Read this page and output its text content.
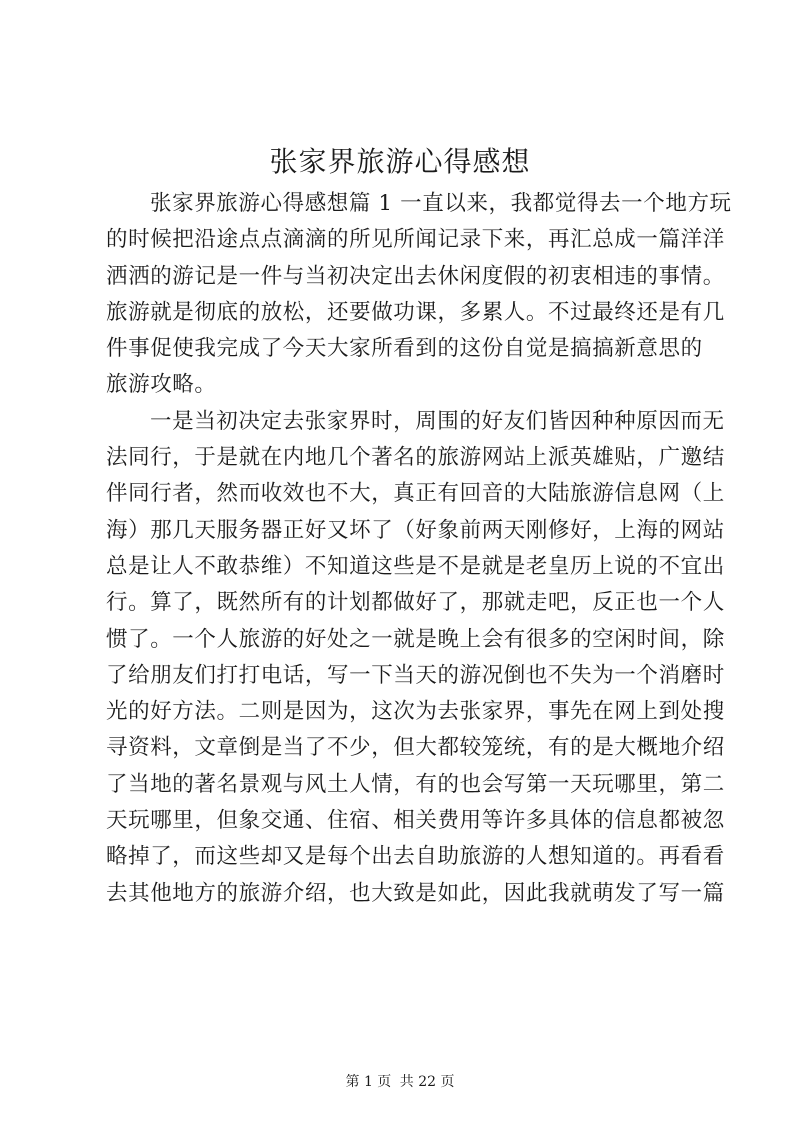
张家界旅游心得感想

张家界旅游心得感想篇 1 一直以来，我都觉得去一个地方玩
的时候把沿途点点滴滴的所见所闻记录下来，再汇总成一篇洋洋
洒洒的游记是一件与当初决定出去休闲度假的初衷相违的事情。
旅游就是彻底的放松，还要做功课，多累人。不过最终还是有几
件事促使我完成了今天大家所看到的这份自觉是搞搞新意思的
旅游攻略。

一是当初决定去张家界时，周围的好友们皆因种种原因而无
法同行，于是就在内地几个著名的旅游网站上派英雄贴，广邀结
伴同行者，然而收效也不大，真正有回音的大陆旅游信息网（上
海）那几天服务器正好又坏了（好象前两天刚修好，上海的网站
总是让人不敢恭维）不知道这些是不是就是老皇历上说的不宜出
行。算了，既然所有的计划都做好了，那就走吧，反正也一个人
惯了。一个人旅游的好处之一就是晚上会有很多的空闲时间，除
了给朋友们打打电话，写一下当天的游况倒也不失为一个消磨时
光的好方法。二则是因为，这次为去张家界，事先在网上到处搜
寻资料，文章倒是当了不少，但大都较笼统，有的是大概地介绍
了当地的著名景观与风土人情，有的也会写第一天玩哪里，第二
天玩哪里，但象交通、住宿、相关费用等许多具体的信息都被忽
略掉了，而这些却又是每个出去自助旅游的人想知道的。再看看
去其他地方的旅游介绍，也大致是如此，因此我就萌发了写一篇

第 1 页 共 22 页
